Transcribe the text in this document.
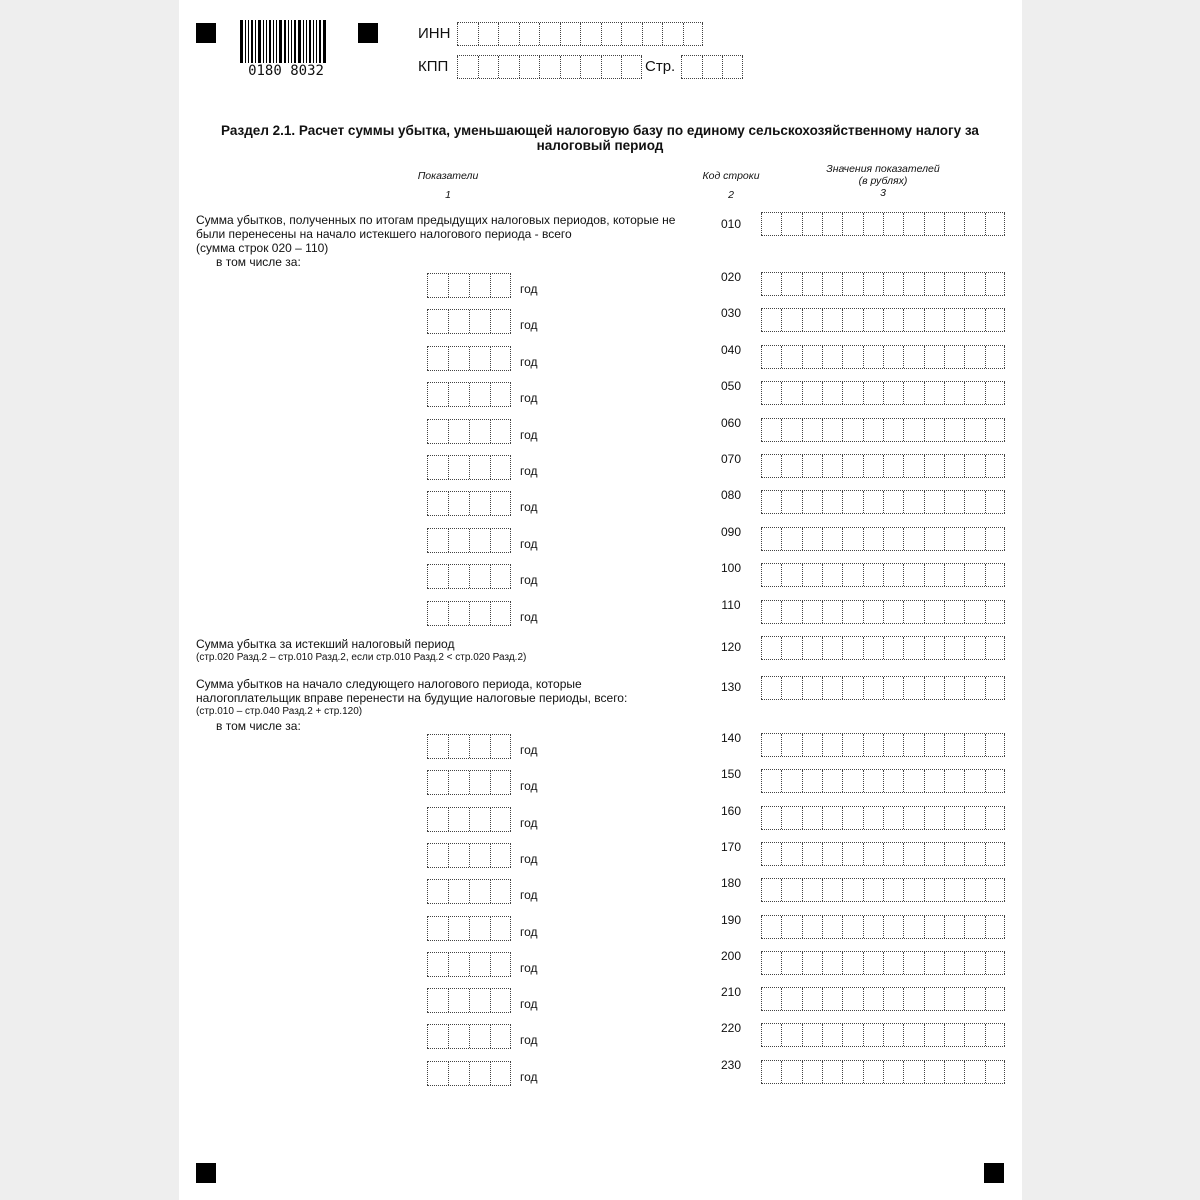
0180 8032
ИНН
КПП	Стр.
Раздел 2.1. Расчет суммы убытка, уменьшающей налоговую базу по единому сельскохозяйственному налогу за налоговый период
Показатели
1
Код строки
2
Значения показателей
(в рублях)
3
Сумма убытков, полученных по итогам предыдущих налоговых периодов, которые не были перенесены на начало истекшего налогового периода - всего
(сумма строк 020 – 110)
в том числе за:
010
год
020
год
030
год
040
год
050
год
060
год
070
год
080
год
090
год
100
год
110
Сумма убытка за истекший налоговый период
(стр.020 Разд.2 – стр.010 Разд.2, если стр.010 Разд.2 < стр.020 Разд.2)
120
Сумма убытков на начало следующего налогового периода, которые налогоплательщик вправе перенести на будущие налоговые периоды, всего:
(стр.010 – стр.040 Разд.2 + стр.120)
в том числе за:
130
год
140
год
150
год
160
год
170
год
180
год
190
год
200
год
210
год
220
год
230
